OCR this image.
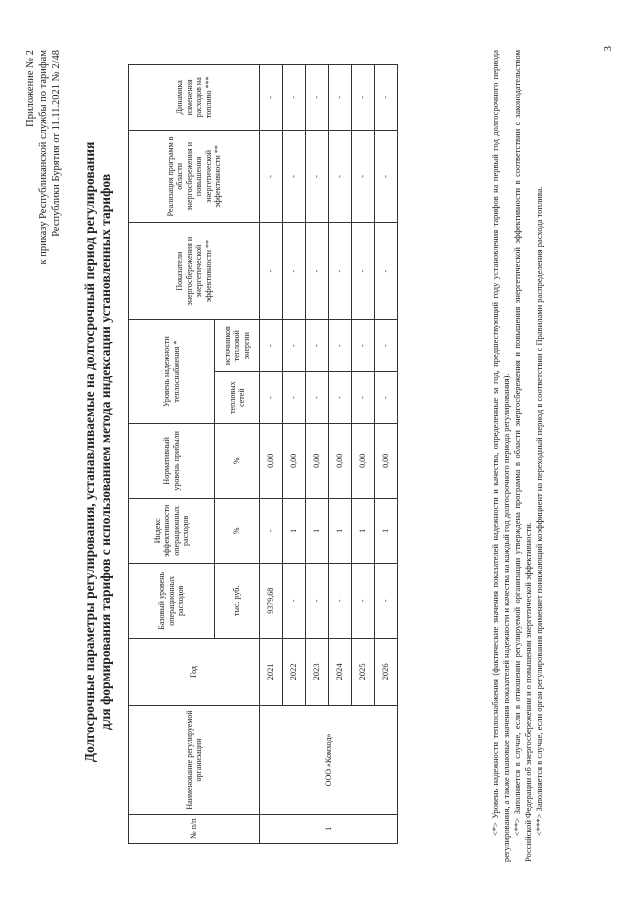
Приложение № 2 к приказу Республиканской службы по тарифам Республики Бурятия от 11.11.2021 № 2/48 Долгосрочные параметры регулирования, устанавливаемые на долгосрочный период регулирования для формирования тарифов с использованием метода индексации установленных тарифов
№ п/п	Наименование регулируемой организации	Год	Базовый уровень операционных расходов	Индекс эффективности операционных расходов	Нормативный уровень прибыли	Уровень надежности теплоснабжения *		Показатели энергосбережения и энергетической эффективности **	Реализация программ в области энергосбережения и повышения энергетической эффективности **	Динамика изменения расходов на топливо ***
						тепловых сетей	источников тепловой энергии			
			тыс. руб.	%	%					
1	ООО «Комход»	2021	9379,68	-	0,00	-	-	-	-	-
		2022	-	1	0,00	-	-	-	-	-
		2023	-	1	0,00	-	-	-	-	-
		2024	-	1	0,00	-	-	-	-	-
		2025	-	1	0,00	-	-	-	-	-
		2026	-	1	0,00	-	-	-	-	-	<*> Уровень надежности теплоснабжения (фактические значения показателей надежности и качества, определенные за год, предшествующий году установления тарифов на первый год долгосрочного периода регулирования, а также плановые значения показателей надежности и качества на каждый год долгосрочного периода регулирования). <**> Заполняется в случае, если в отношении регулируемой организации утверждена программа в области энергосбережения и повышения энергетической эффективности в соответствии с законодательством Российской Федерации об энергосбережении и о повышении энергетической эффективности. <***> Заполняется в случае, если орган регулирования применяет понижающий коэффициент на переходный период в соответствии с Правилами распределения расхода топлива.

3
